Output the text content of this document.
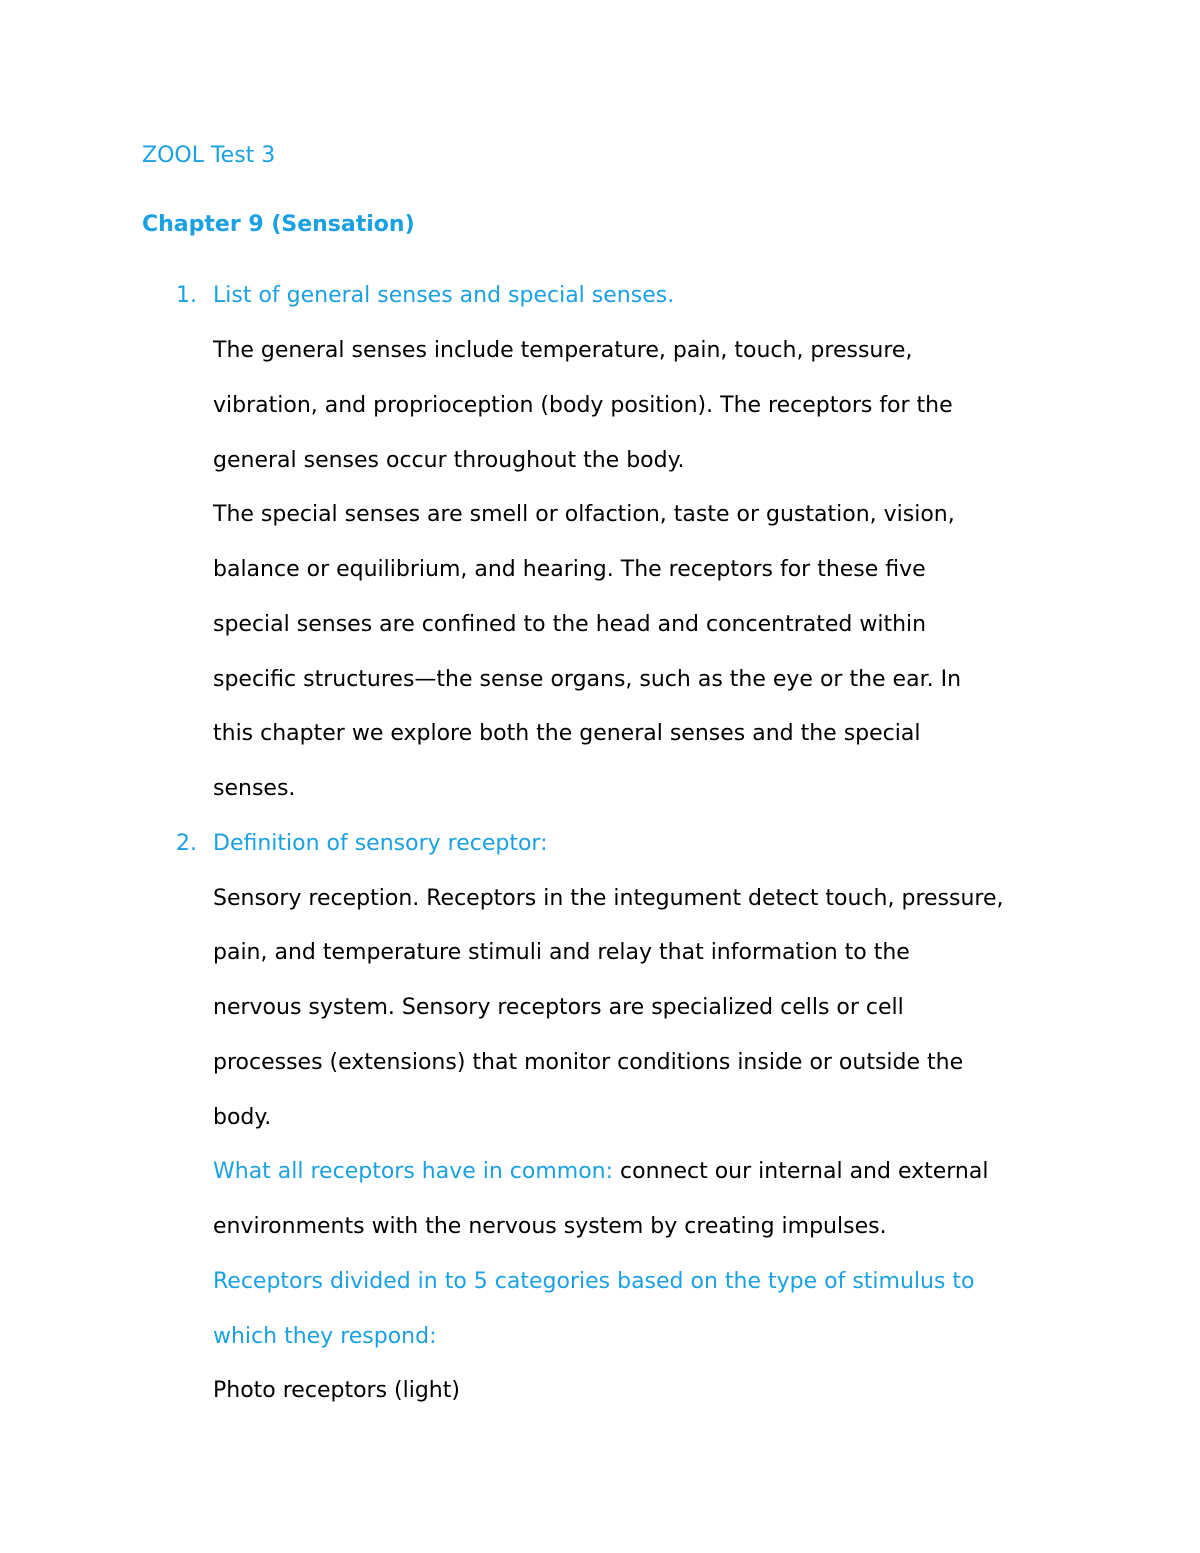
ZOOL Test 3
Chapter 9 (Sensation)
1. List of general senses and special senses.
The general senses include temperature, pain, touch, pressure,
vibration, and proprioception (body position). The receptors for the
general senses occur throughout the body.
The special senses are smell or olfaction, taste or gustation, vision,
balance or equilibrium, and hearing. The receptors for these five
special senses are confined to the head and concentrated within
specific structures—the sense organs, such as the eye or the ear. In
this chapter we explore both the general senses and the special
senses.
2. Definition of sensory receptor:
Sensory reception. Receptors in the integument detect touch, pressure,
pain, and temperature stimuli and relay that information to the
nervous system. Sensory receptors are specialized cells or cell
processes (extensions) that monitor conditions inside or outside the
body.
What all receptors have in common: connect our internal and external
environments with the nervous system by creating impulses.
Receptors divided in to 5 categories based on the type of stimulus to
which they respond:
Photo receptors (light)
